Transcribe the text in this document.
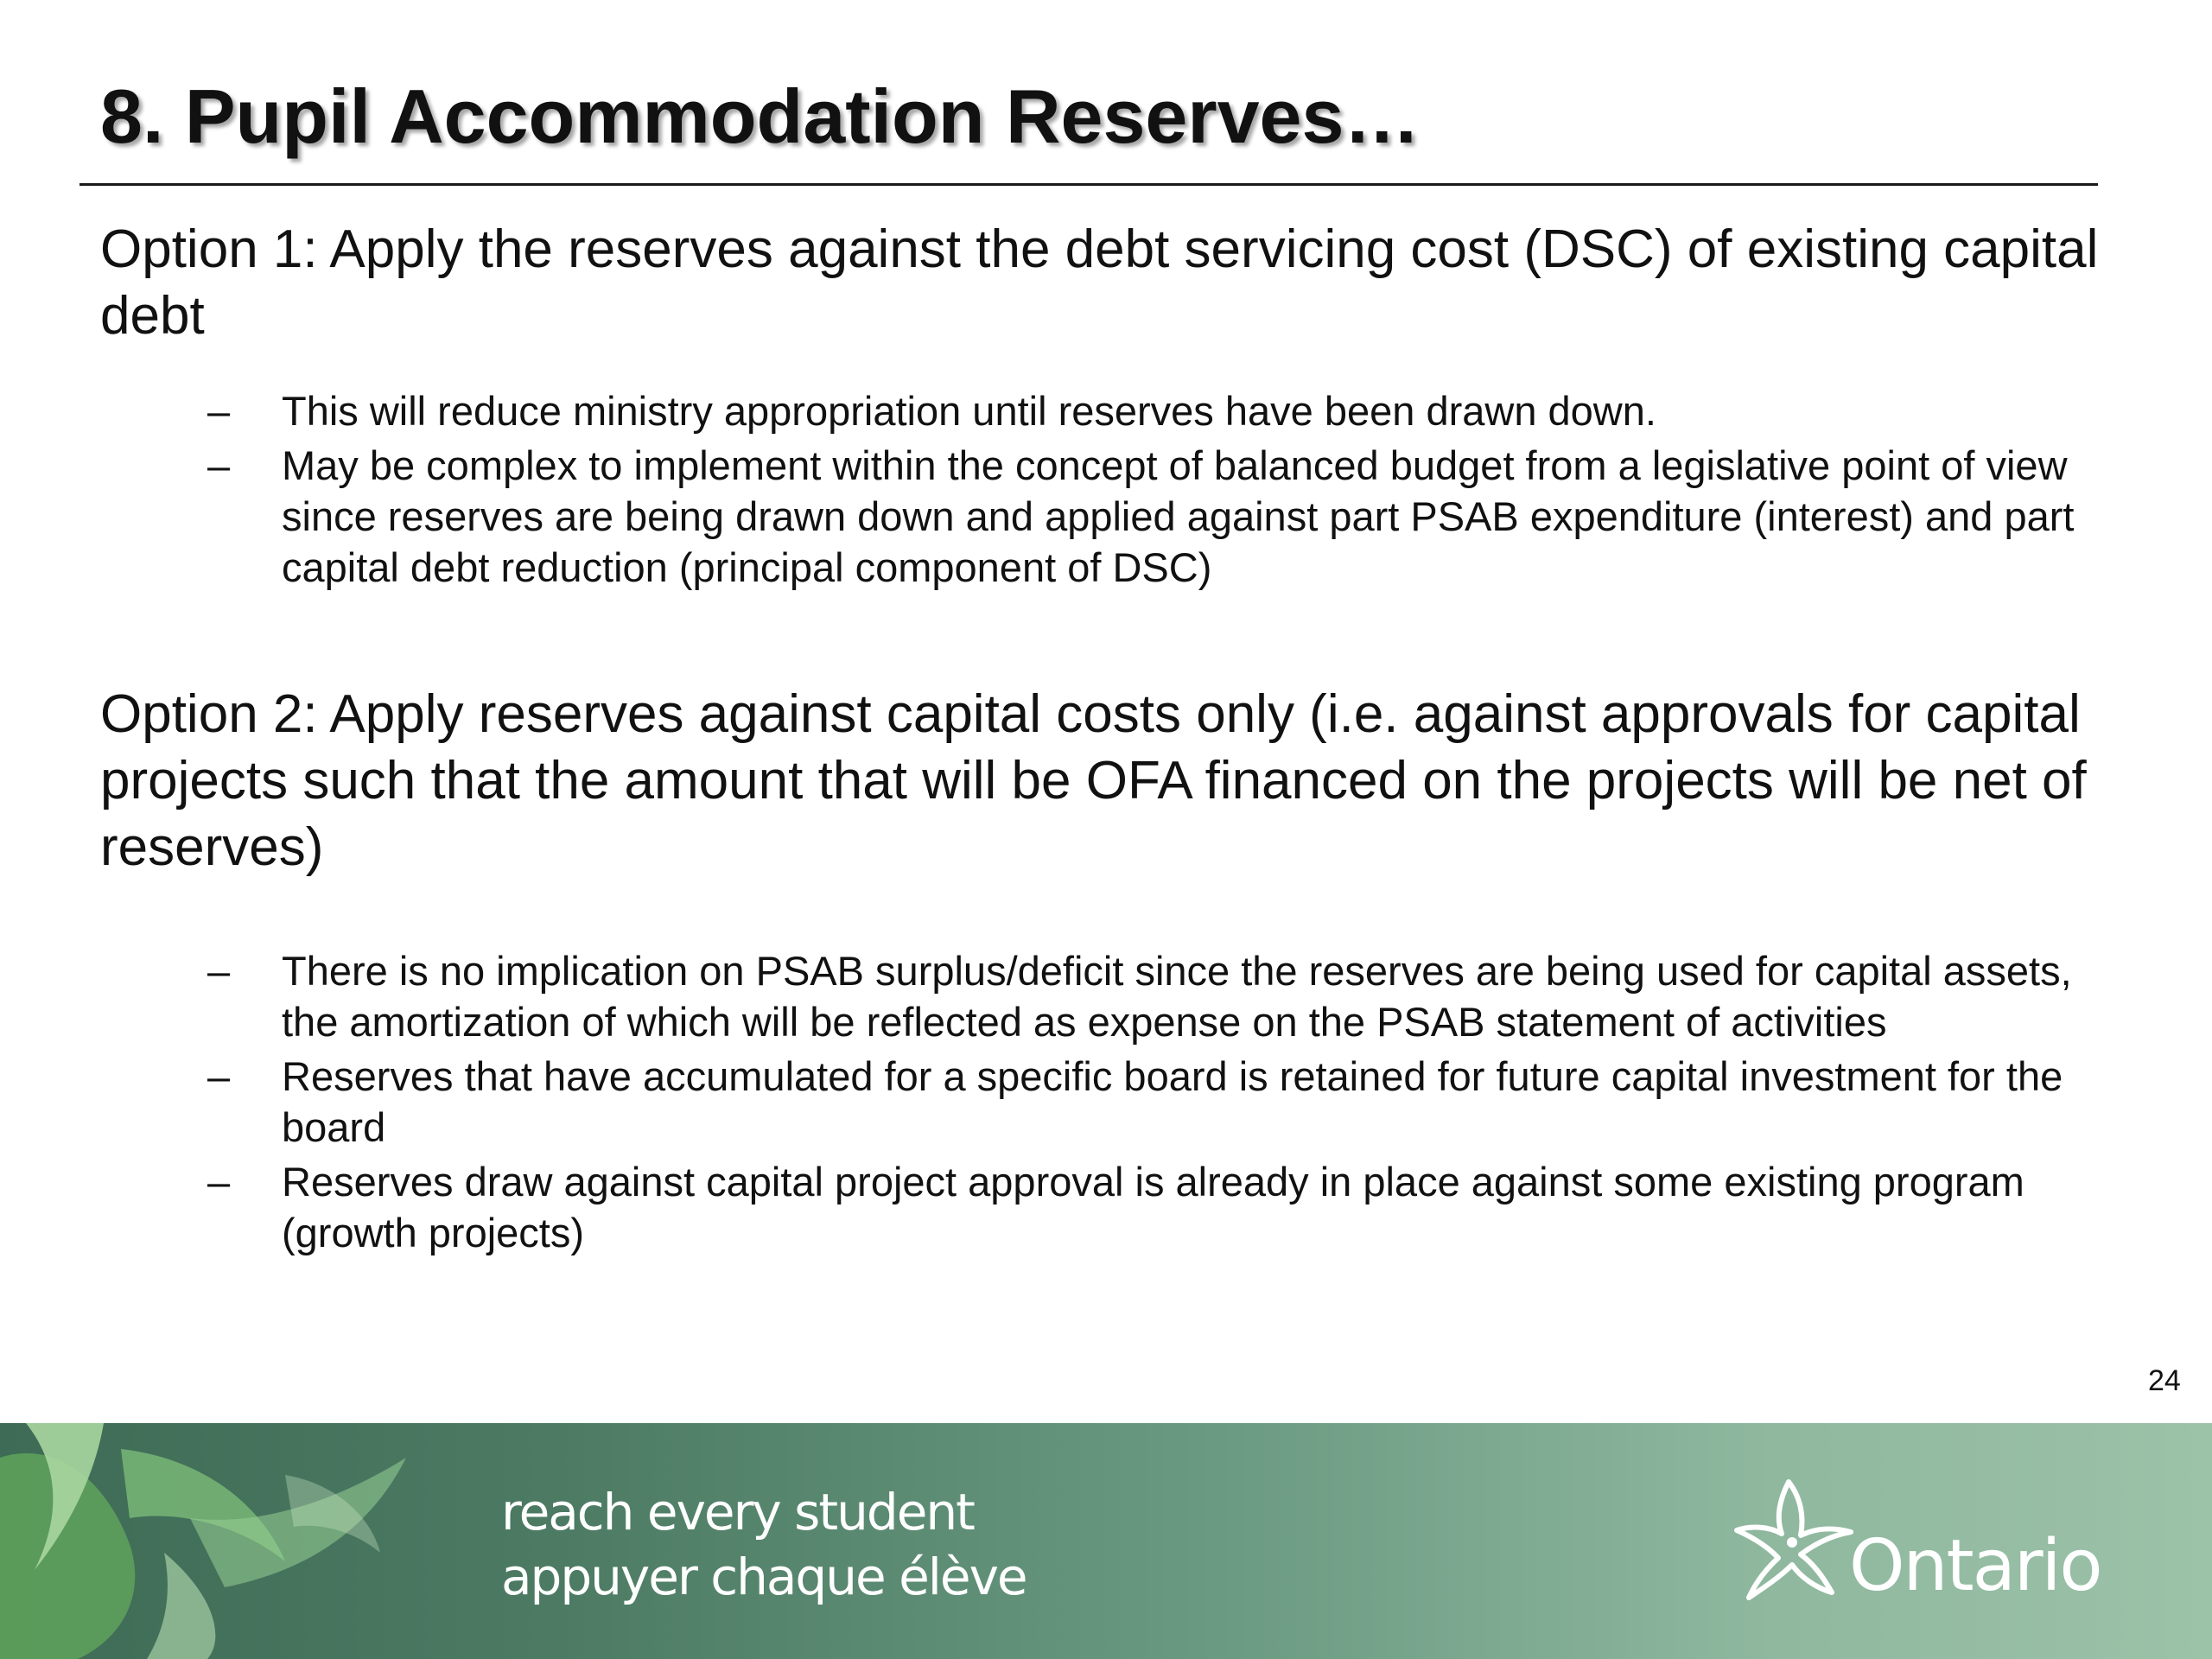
8. Pupil Accommodation Reserves…

Option 1: Apply the reserves against the debt servicing cost (DSC) of existing capital debt

– This will reduce ministry appropriation until reserves have been drawn down.
– May be complex to implement within the concept of balanced budget from a legislative point of view since reserves are being drawn down and applied against part PSAB expenditure (interest) and part capital debt reduction (principal component of DSC)

Option 2: Apply reserves against capital costs only (i.e. against approvals for capital projects such that the amount that will be OFA financed on the projects will be net of reserves)

– There is no implication on PSAB surplus/deficit since the reserves are being used for capital assets, the amortization of which will be reflected as expense on the PSAB statement of activities
– Reserves that have accumulated for a specific board is retained for future capital investment for the board
– Reserves draw against capital project approval is already in place against some existing program (growth projects)
24
reach every student
appuyer chaque élève	Ontario
